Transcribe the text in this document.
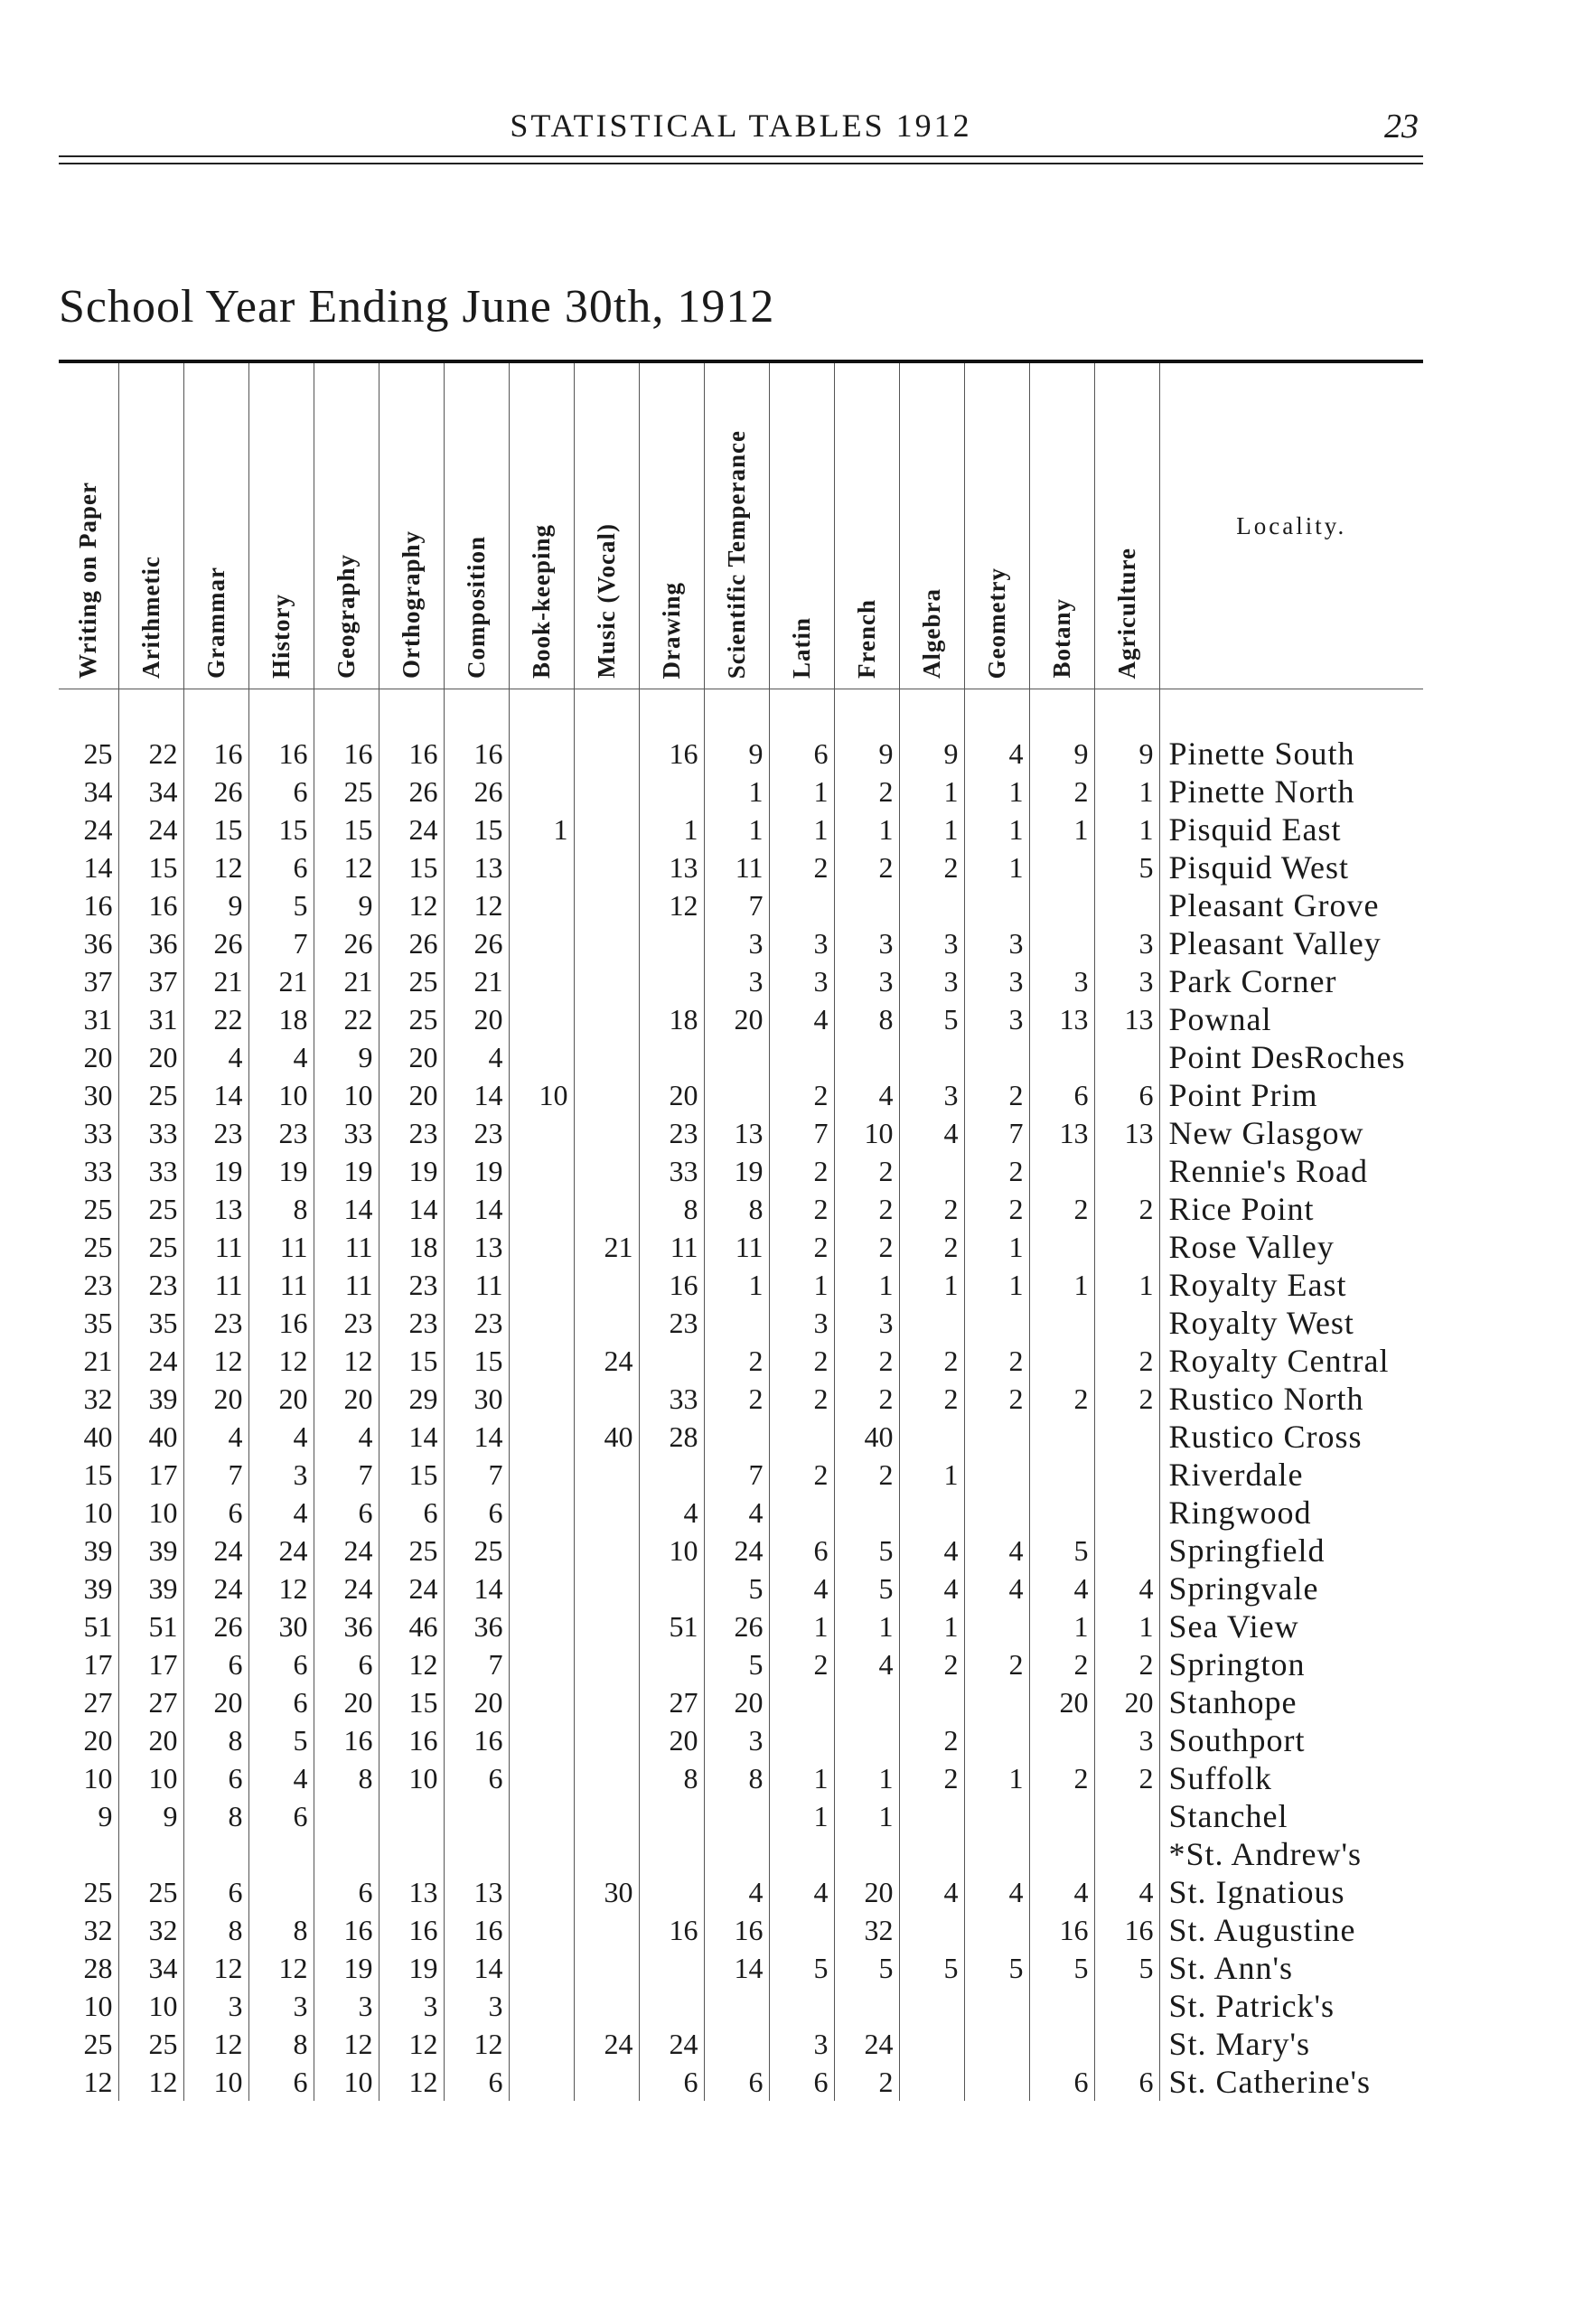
STATISTICAL TABLES 1912	23
School Year Ending June 30th, 1912
Writing on Paper	Arithmetic	Grammar	History	Geography	Orthography	Composition	Book-keeping	Music (Vocal)	Drawing	Scientific Temperance	Latin	French	Algebra	Geometry	Botany	Agriculture	Locality.
25	22	16	16	16	16	16			16	9	6	9	9	4	9	9	Pinette South
34	34	26	6	25	26	26				1	1	2	1	1	2	1	Pinette North
24	24	15	15	15	24	15	1		1	1	1	1	1	1	1	1	Pisquid East
14	15	12	6	12	15	13			13	11	2	2	2	1		5	Pisquid West
16	16	9	5	9	12	12			12	7							Pleasant Grove
36	36	26	7	26	26	26				3	3	3	3	3		3	Pleasant Valley
37	37	21	21	21	25	21				3	3	3	3	3	3	3	Park Corner
31	31	22	18	22	25	20			18	20	4	8	5	3	13	13	Pownal
20	20	4	4	9	20	4											Point DesRoches
30	25	14	10	10	20	14	10		20		2	4	3	2	6	6	Point Prim
33	33	23	23	33	23	23			23	13	7	10	4	7	13	13	New Glasgow
33	33	19	19	19	19	19			33	19	2	2		2			Rennie's Road
25	25	13	8	14	14	14			8	8	2	2	2	2	2	2	Rice Point
25	25	11	11	11	18	13		21	11	11	2	2	2	1			Rose Valley
23	23	11	11	11	23	11			16	1	1	1	1	1	1	1	Royalty East
35	35	23	16	23	23	23			23		3	3					Royalty West
21	24	12	12	12	15	15		24		2	2	2	2	2		2	Royalty Central
32	39	20	20	20	29	30			33	2	2	2	2	2	2	2	Rustico North
40	40	4	4	4	14	14		40	28			40					Rustico Cross
15	17	7	3	7	15	7				7	2	2	1				Riverdale
10	10	6	4	6	6	6			4	4							Ringwood
39	39	24	24	24	25	25			10	24	6	5	4	4	5		Springfield
39	39	24	12	24	24	14				5	4	5	4	4	4	4	Springvale
51	51	26	30	36	46	36			51	26	1	1	1		1	1	Sea View
17	17	6	6	6	12	7				5	2	4	2	2	2	2	Springton
27	27	20	6	20	15	20			27	20					20	20	Stanhope
20	20	8	5	16	16	16			20	3			2			3	Southport
10	10	6	4	8	10	6			8	8	1	1	2	1	2	2	Suffolk
9	9	8	6								1	1					Stanchel
																	*St. Andrew's
25	25	6		6	13	13		30		4	4	20	4	4	4	4	St. Ignatious
32	32	8	8	16	16	16			16	16		32			16	16	St. Augustine
28	34	12	12	19	19	14				14	5	5	5	5	5	5	St. Ann's
10	10	3	3	3	3	3											St. Patrick's
25	25	12	8	12	12	12		24	24		3	24					St. Mary's
12	12	10	6	10	12	6			6	6	6	2			6	6	St. Catherine's
